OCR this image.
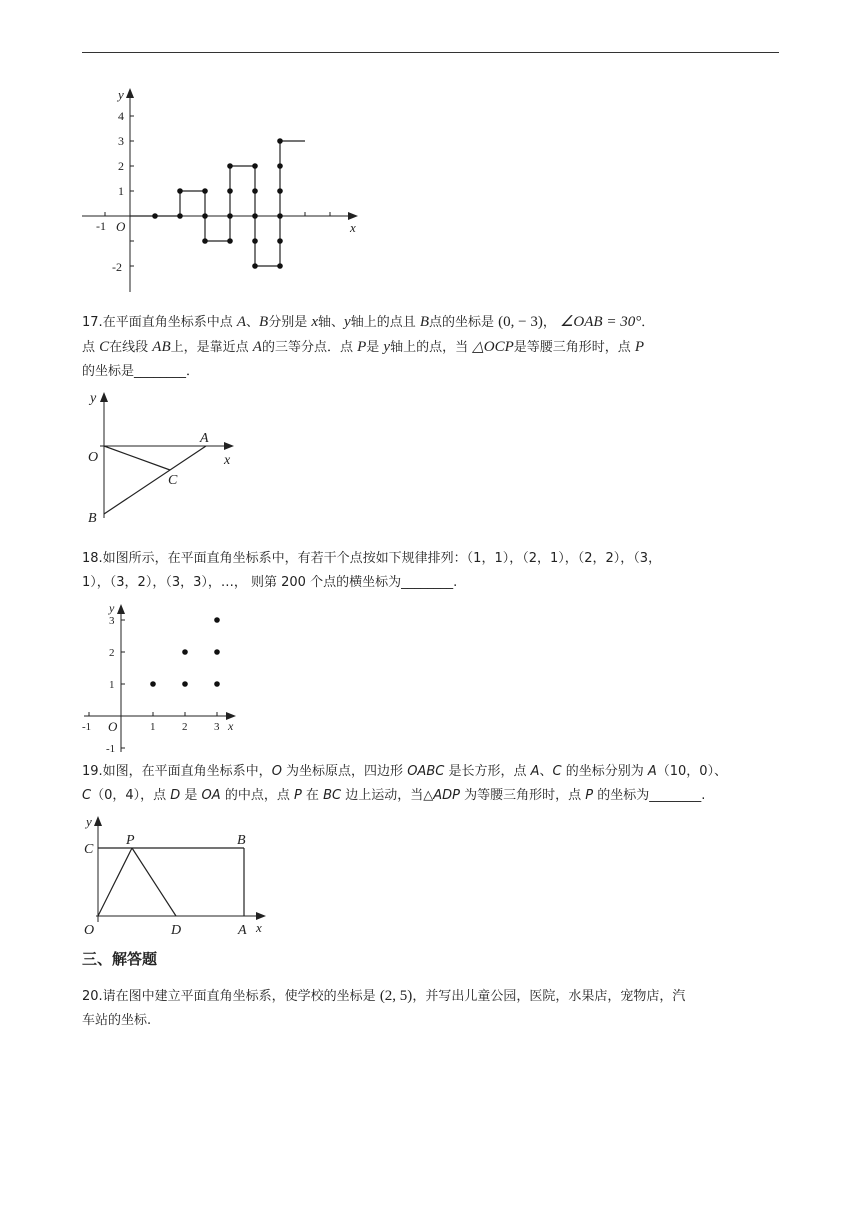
y
x
O
4
3
2
1
-2
-1
17.在平面直角坐标系中点 A、B分别是 x轴、y轴上的点且 B点的坐标是 (0, − 3)， ∠OAB = 30°．
点 C在线段 AB上，是靠近点 A的三等分点．点 P是 y轴上的点，当 △OCP是等腰三角形时，点 P
的坐标是________．
y
x
O
A
C
B
18.如图所示，在平面直角坐标系中，有若干个点按如下规律排列：（1，1），（2，1），（2，2），（3，
1），（3，2），（3，3），…， 则第 200 个点的横坐标为________.
y
x
O
3
2
1
-1
-1	1 2 3
19.如图，在平面直角坐标系中，O 为坐标原点，四边形 OABC 是长方形，点 A、C 的坐标分别为 A（10，0）、
C（0，4），点 D 是 OA 的中点，点 P 在 BC 边上运动，当△ADP 为等腰三角形时，点 P 的坐标为________.
y
x
C
P	B
O	D	A
三、解答题
20.请在图中建立平面直角坐标系，使学校的坐标是 (2, 5)，并写出儿童公园，医院，水果店，宠物店，汽
车站的坐标.
